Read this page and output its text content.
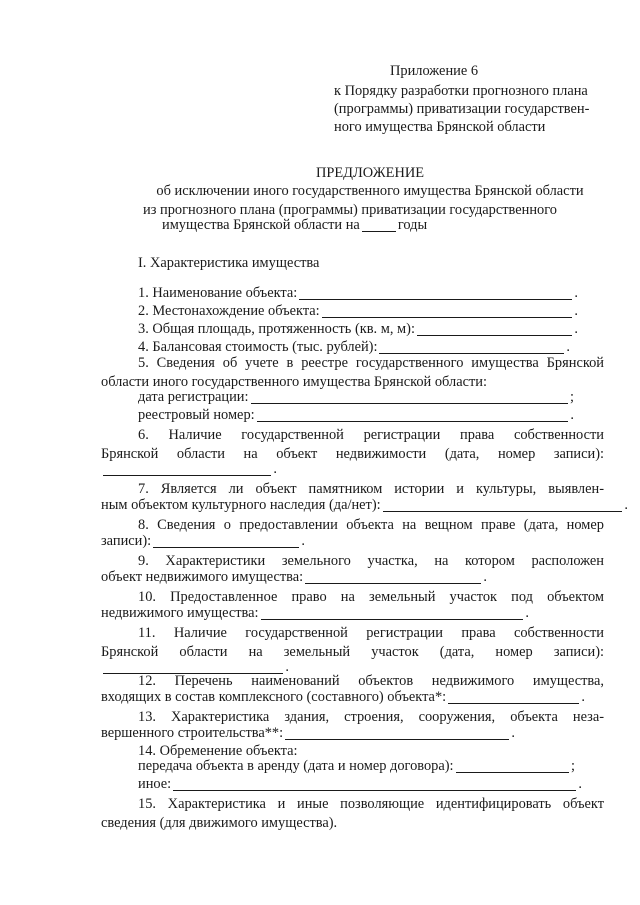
Приложение 6
к Порядку разработки прогнозного плана
(программы) приватизации государствен-
ного имущества Брянской области
ПРЕДЛОЖЕНИЕ
об исключении иного государственного имущества Брянской области
из прогнозного плана (программы) приватизации государственного
имущества Брянской области на	годы
I. Характеристика имущества
1. Наименование объекта:	.
2. Местонахождение объекта:	.
3. Общая площадь, протяженность (кв. м, м):	.
4. Балансовая стоимость (тыс. рублей):	.
5. Сведения об учете в реестре государственного имущества Брянской
области иного государственного имущества Брянской области:
дата регистрации:	;
реестровый номер:	.
6. Наличие государственной регистрации права собственности
Брянской области на объект недвижимости (дата, номер записи):
.
7. Является ли объект памятником истории и культуры, выявлен-
ным объектом культурного наследия (да/нет):	.
8. Сведения о предоставлении объекта на вещном праве (дата, номер
записи):	.
9. Характеристики земельного участка, на котором расположен
объект недвижимого имущества:	.
10. Предоставленное право на земельный участок под объектом
недвижимого имущества:	.
11. Наличие государственной регистрации права собственности
Брянской области на земельный участок (дата, номер записи):
.
12. Перечень наименований объектов недвижимого имущества,
входящих в состав комплексного (составного) объекта*:	.
13. Характеристика здания, строения, сооружения, объекта неза-
вершенного строительства**:	.
14. Обременение объекта:
передача объекта в аренду (дата и номер договора):	;
иное:	.
15. Характеристика и иные позволяющие идентифицировать объект
сведения (для движимого имущества).
